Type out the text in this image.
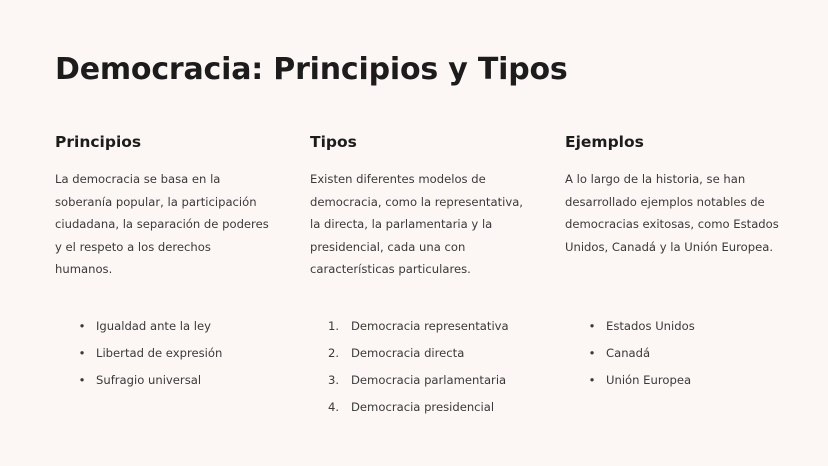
Democracia: Principios y Tipos
Principios

La democracia se basa en la soberanía popular, la participación ciudadana, la separación de poderes y el respeto a los derechos humanos.

Tipos

Existen diferentes modelos de democracia, como la representativa, la directa, la parlamentaria y la presidencial, cada una con características particulares.

Ejemplos

A lo largo de la historia, se han desarrollado ejemplos notables de democracias exitosas, como Estados Unidos, Canadá y la Unión Europea.

• Igualdad ante la ley
• Libertad de expresión
• Sufragio universal
1.	Democracia representativa
2.	Democracia directa
3.	Democracia parlamentaria
4.	Democracia presidencial
• Estados Unidos
• Canadá
• Unión Europea
